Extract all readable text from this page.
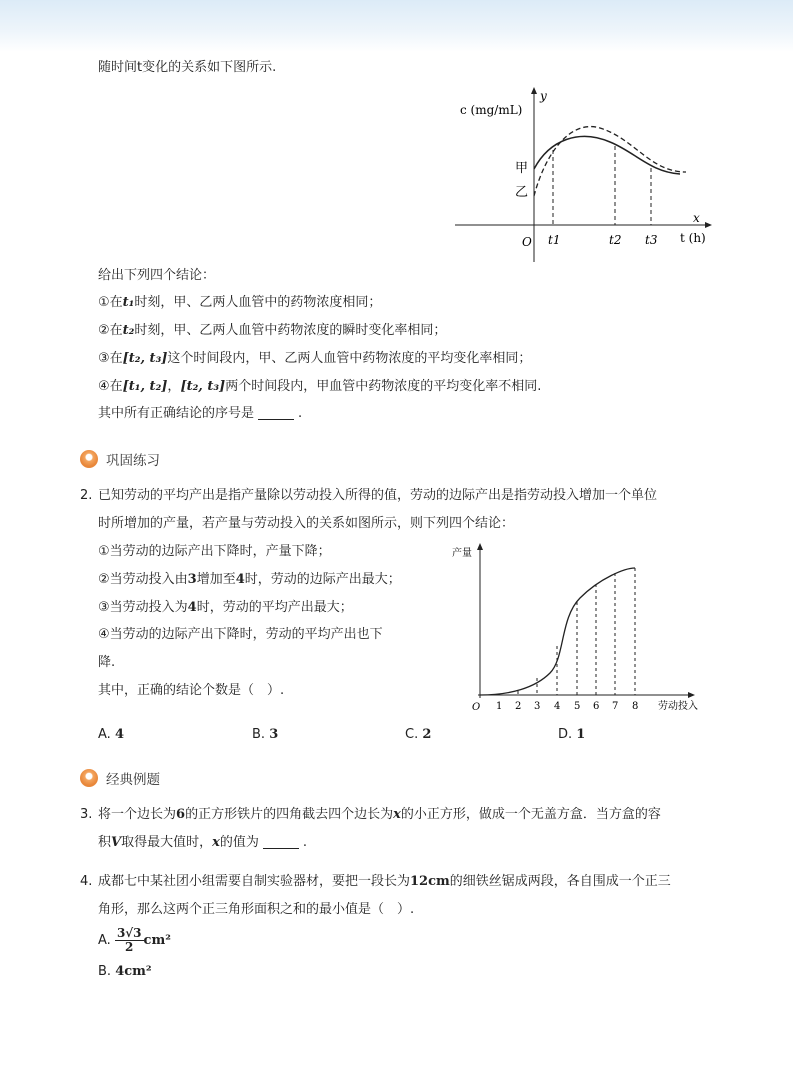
随时间t变化的关系如下图所示.
c (mg/mL)
y
x
t (h)
O
甲
乙
t1	t2 t3
给出下列四个结论：
①在t₁时刻，甲、乙两人血管中的药物浓度相同；
②在t₂时刻，甲、乙两人血管中药物浓度的瞬时变化率相同；
③在[t₂, t₃]这个时间段内，甲、乙两人血管中药物浓度的平均变化率相同；
④在[t₁, t₂]，[t₂, t₃]两个时间段内，甲血管中药物浓度的平均变化率不相同.
其中所有正确结论的序号是	.
巩固练习
2. 已知劳动的平均产出是指产量除以劳动投入所得的值，劳动的边际产出是指劳动投入增加一个单位
时所增加的产量，若产量与劳动投入的关系如图所示，则下列四个结论：
①当劳动的边际产出下降时，产量下降；
②当劳动投入由3增加至4时，劳动的边际产出最大；
③当劳动投入为4时，劳动的平均产出最大；
④当劳动的边际产出下降时，劳动的平均产出也下
降.
其中，正确的结论个数是（　）.
产量
劳动投入
O 1 2 3 4 5 6 7 8
A. 4	B. 3	C. 2	D. 1
经典例题
3. 将一个边长为6的正方形铁片的四角截去四个边长为x的小正方形，做成一个无盖方盒．当方盒的容
积V取得最大值时，x的值为	.
4. 成都七中某社团小组需要自制实验器材，要把一段长为12cm的细铁丝锯成两段，各自围成一个正三
角形，那么这两个正三角形面积之和的最小值是（　）.
A. $\frac{3√3}{2} cm^2$
B. 4cm²
